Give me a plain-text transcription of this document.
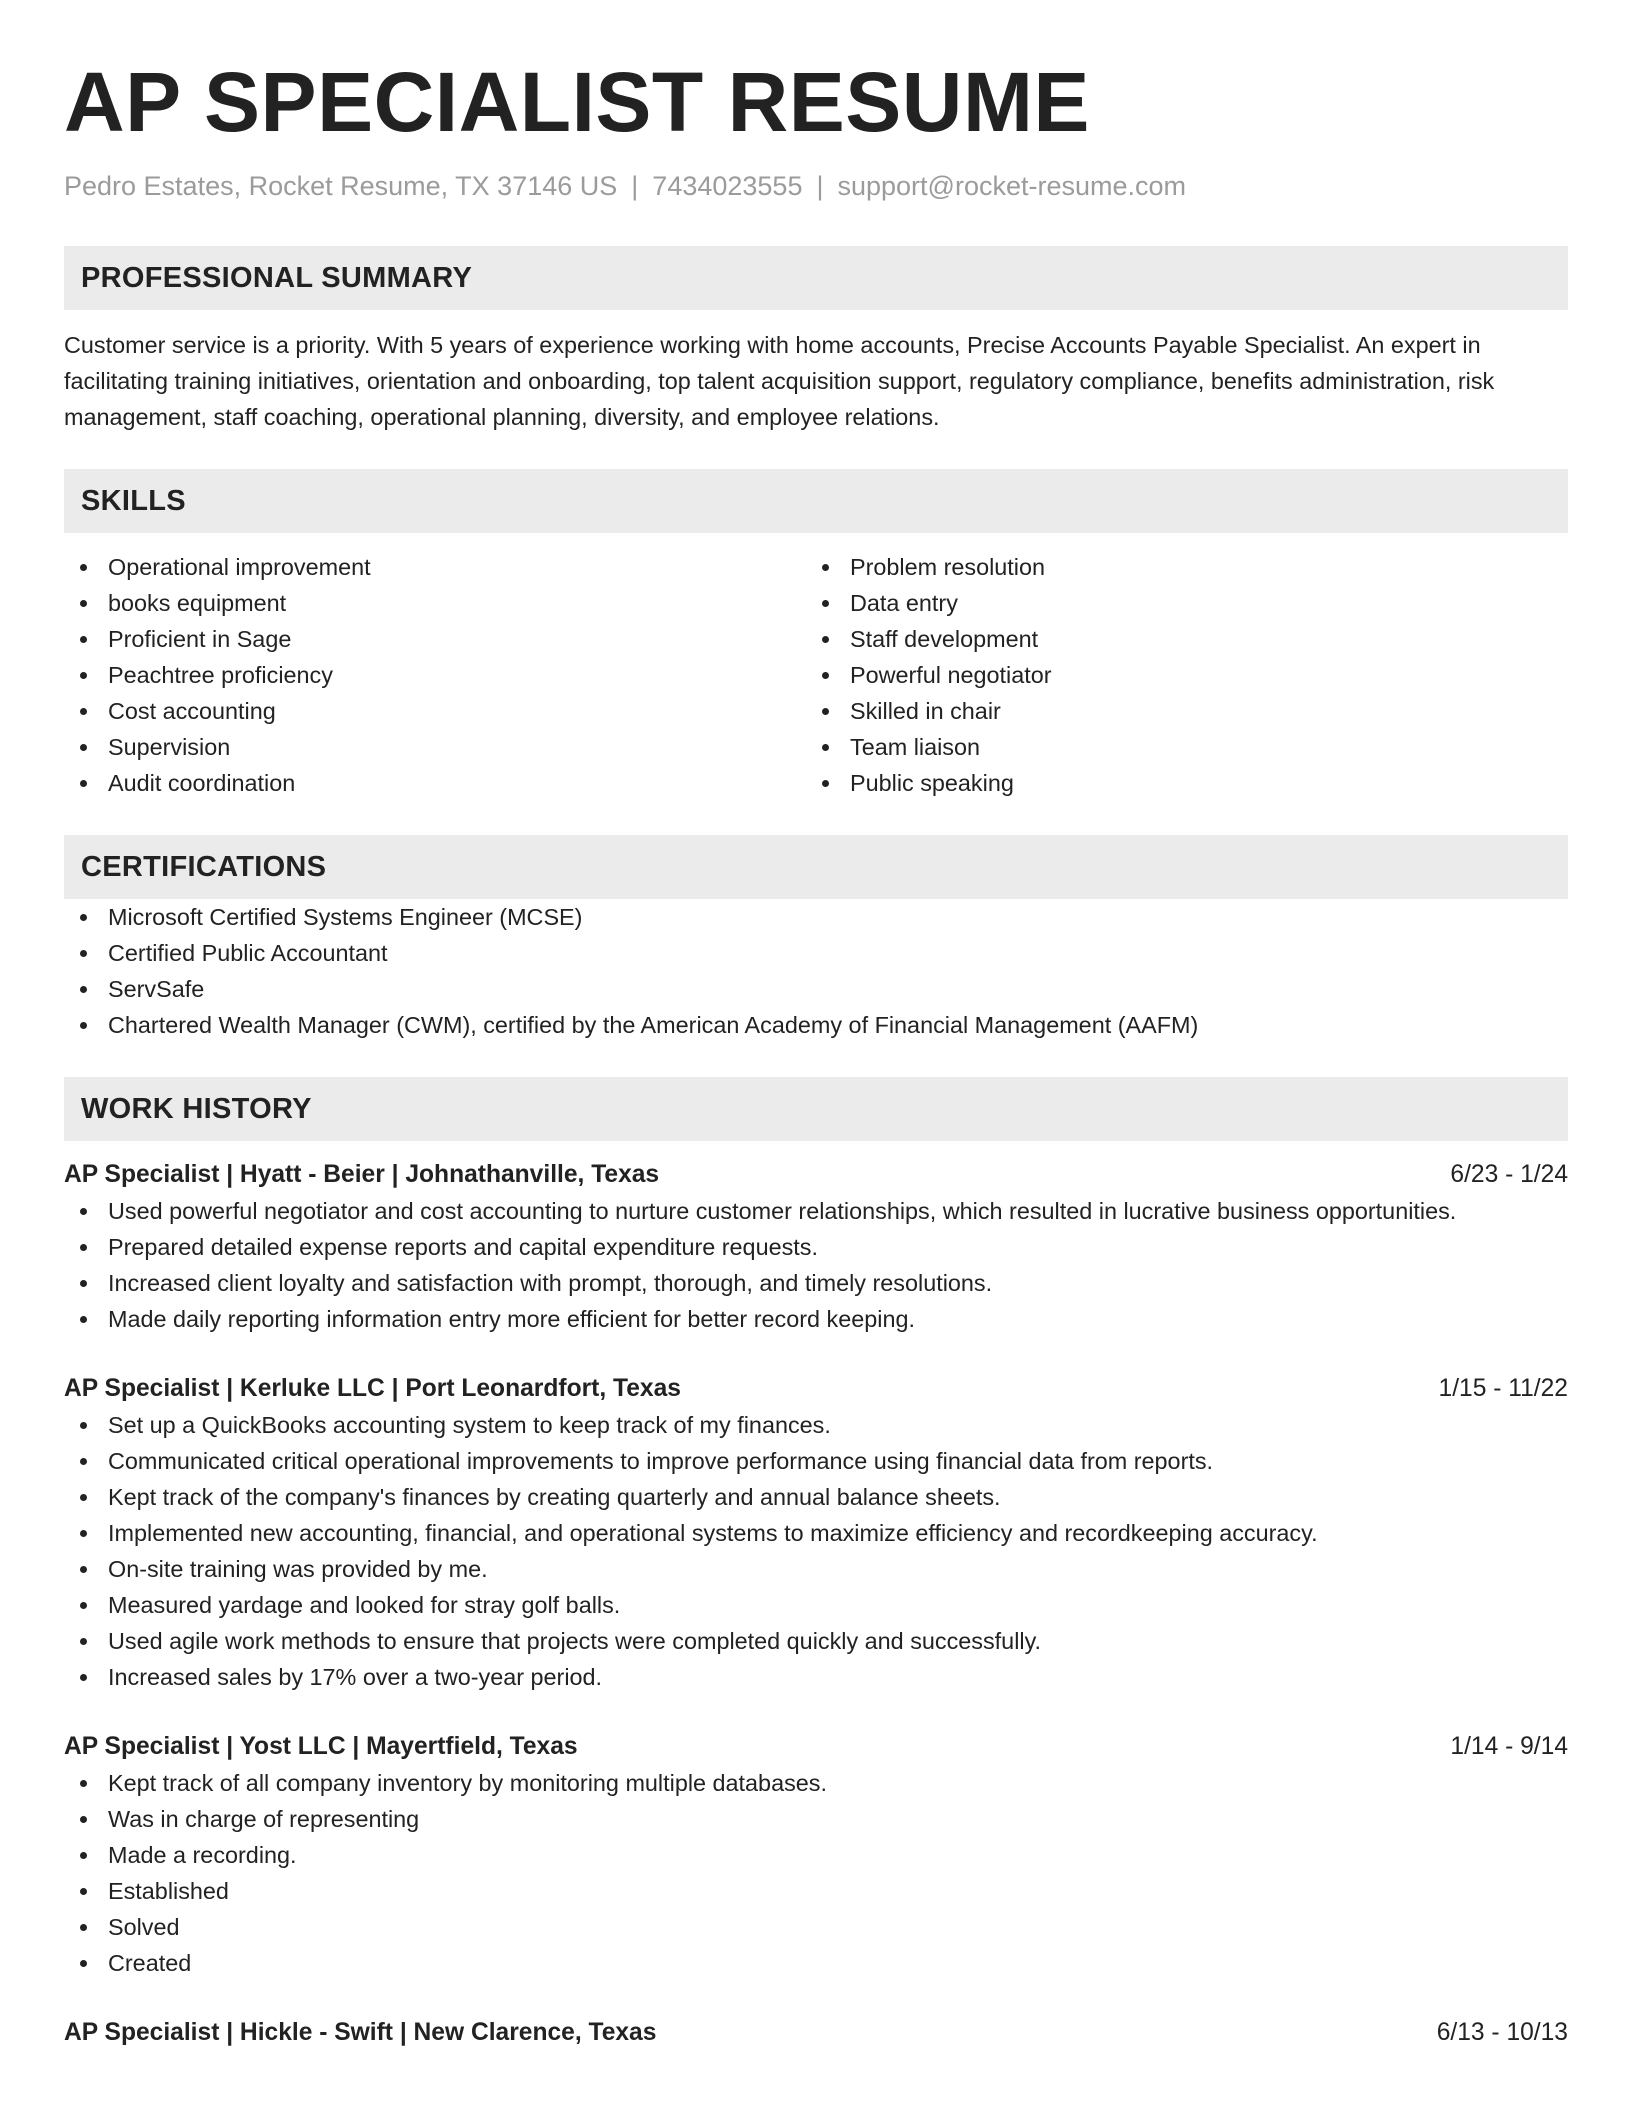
AP SPECIALIST RESUME
Pedro Estates, Rocket Resume, TX 37146 US | 7434023555 | support@rocket-resume.com
PROFESSIONAL SUMMARY
Customer service is a priority. With 5 years of experience working with home accounts, Precise Accounts Payable Specialist. An expert in facilitating training initiatives, orientation and onboarding, top talent acquisition support, regulatory compliance, benefits administration, risk management, staff coaching, operational planning, diversity, and employee relations.
SKILLS
Operational improvement
books equipment
Proficient in Sage
Peachtree proficiency
Cost accounting
Supervision
Audit coordination
Problem resolution
Data entry
Staff development
Powerful negotiator
Skilled in chair
Team liaison
Public speaking
CERTIFICATIONS
Microsoft Certified Systems Engineer (MCSE)
Certified Public Accountant
ServSafe
Chartered Wealth Manager (CWM), certified by the American Academy of Financial Management (AAFM)
WORK HISTORY
AP Specialist | Hyatt - Beier | Johnathanville, Texas	6/23 - 1/24
Used powerful negotiator and cost accounting to nurture customer relationships, which resulted in lucrative business opportunities.
Prepared detailed expense reports and capital expenditure requests.
Increased client loyalty and satisfaction with prompt, thorough, and timely resolutions.
Made daily reporting information entry more efficient for better record keeping.
AP Specialist | Kerluke LLC | Port Leonardfort, Texas	1/15 - 11/22
Set up a QuickBooks accounting system to keep track of my finances.
Communicated critical operational improvements to improve performance using financial data from reports.
Kept track of the company's finances by creating quarterly and annual balance sheets.
Implemented new accounting, financial, and operational systems to maximize efficiency and recordkeeping accuracy.
On-site training was provided by me.
Measured yardage and looked for stray golf balls.
Used agile work methods to ensure that projects were completed quickly and successfully.
Increased sales by 17% over a two-year period.
AP Specialist | Yost LLC | Mayertfield, Texas	1/14 - 9/14
Kept track of all company inventory by monitoring multiple databases.
Was in charge of representing
Made a recording.
Established
Solved
Created
AP Specialist | Hickle - Swift | New Clarence, Texas	6/13 - 10/13
